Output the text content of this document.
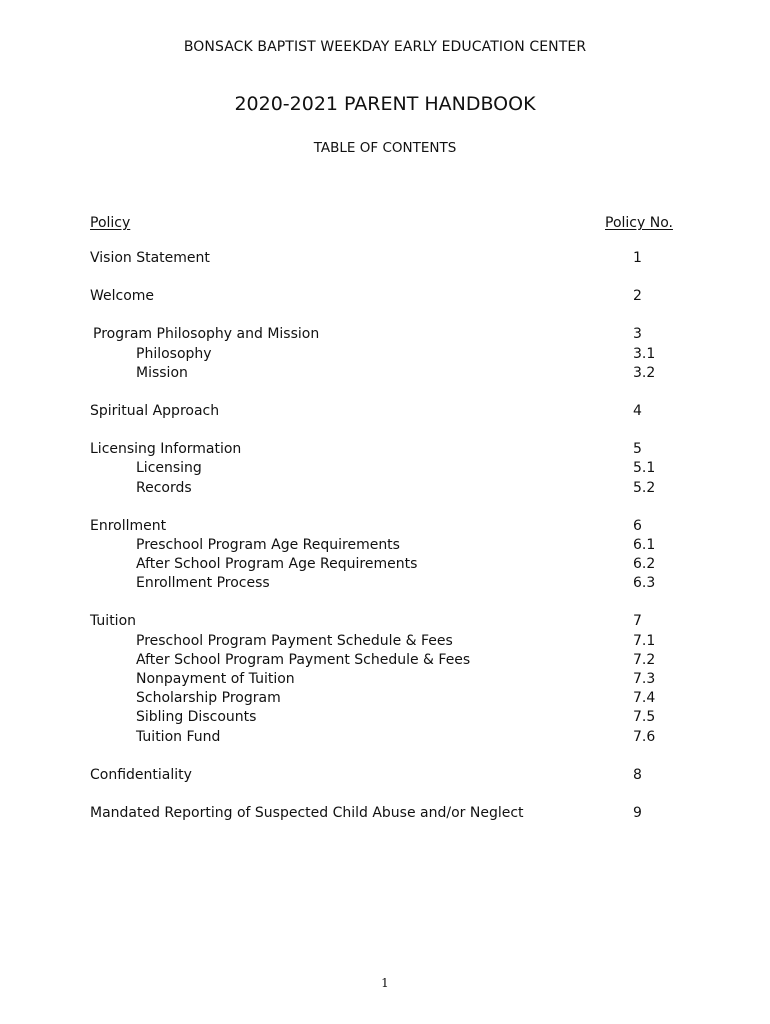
BONSACK BAPTIST WEEKDAY EARLY EDUCATION CENTER
2020-2021 PARENT HANDBOOK
TABLE OF CONTENTS
Policy	Policy No.
Vision Statement	1
Welcome	2
Program Philosophy and Mission	3
Philosophy	3.1
Mission	3.2
Spiritual Approach	4
Licensing Information	5
Licensing	5.1
Records	5.2
Enrollment	6
Preschool Program Age Requirements	6.1
After School Program Age Requirements	6.2
Enrollment Process	6.3
Tuition	7
Preschool Program Payment Schedule & Fees	7.1
After School Program Payment Schedule & Fees	7.2
Nonpayment of Tuition	7.3
Scholarship Program	7.4
Sibling Discounts	7.5
Tuition Fund	7.6
Confidentiality	8
Mandated Reporting of Suspected Child Abuse and/or Neglect	9
1
